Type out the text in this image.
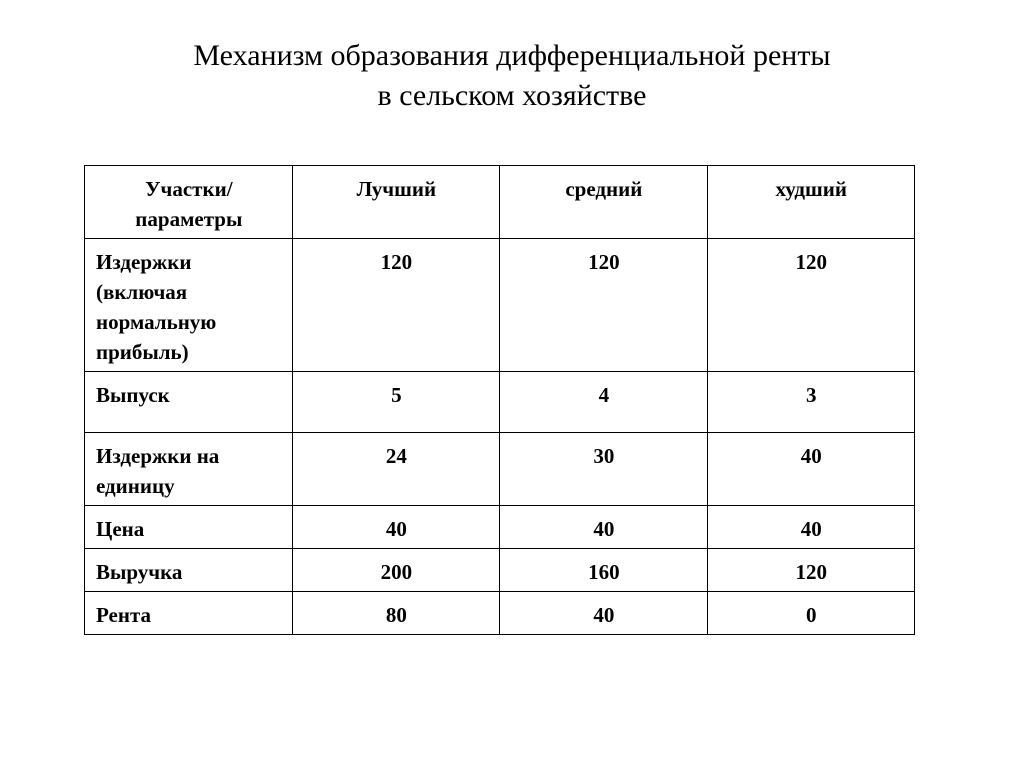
Механизм образования дифференциальной ренты
в сельском хозяйстве
Участки/
параметры	Лучший	средний	худший

Издержки
(включая
нормальную
прибыль)	120	120	120

Выпуск	5	4	3

Издержки на
единицу	24	30	40

Цена	40	40	40

Выручка	200	160	120

Рента	80	40	0
